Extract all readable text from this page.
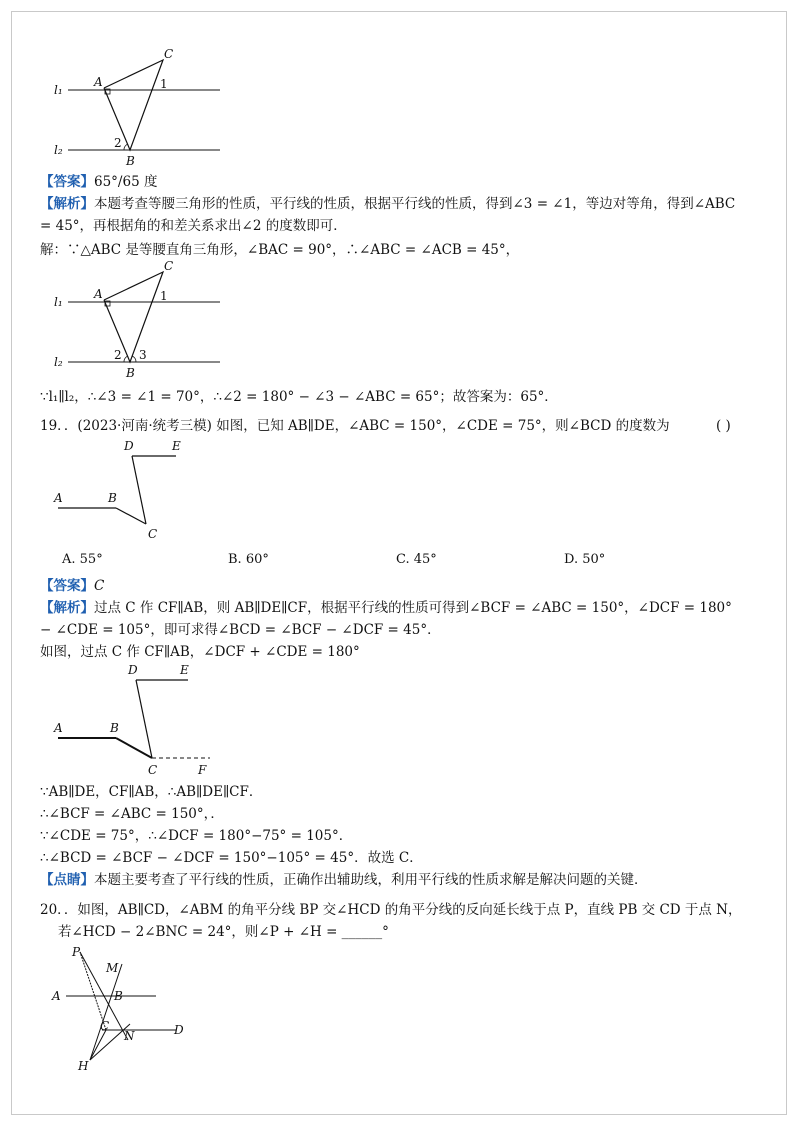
l₁
l₂
A
C
1
2
B
【答案】65°/65 度
【解析】本题考查等腰三角形的性质，平行线的性质，根据平行线的性质，得到∠3 = ∠1，等边对等角，得到∠ABC
= 45°，再根据角的和差关系求出∠2 的度数即可．
解：∵△ABC 是等腰直角三角形，∠BAC = 90°，∴∠ABC = ∠ACB = 45°，
l₁
l₂
A
C
1
2 3
B
∵l₁∥l₂，∴∠3 = ∠1 = 70°，∴∠2 = 180° − ∠3 − ∠ABC = 65°；故答案为：65°．
19．．(2023·河南·统考三模) 如图，已知 AB∥DE，∠ABC = 150°，∠CDE = 75°，则∠BCD 的度数为	( )
A	B
C
D	E
A. 55°	B. 60°	C. 45°	D. 50°
【答案】C
【解析】过点 C 作 CF∥AB，则 AB∥DE∥CF，根据平行线的性质可得到∠BCF = ∠ABC = 150°，∠DCF = 180°
− ∠CDE = 105°，即可求得∠BCD = ∠BCF − ∠DCF = 45°．
如图，过点 C 作 CF∥AB，∠DCF + ∠CDE = 180°
A	B
C
D	E
F
∵AB∥DE，CF∥AB，∴AB∥DE∥CF．
∴∠BCF = ∠ABC = 150°，．
∵∠CDE = 75°，∴∠DCF = 180°−75° = 105°．
∴∠BCD = ∠BCF − ∠DCF = 150°−105° = 45°．故选 C．
【点睛】本题主要考查了平行线的性质，正确作出辅助线，利用平行线的性质求解是解决问题的关键．
20．．如图，AB∥CD，∠ABM 的角平分线 BP 交∠HCD 的角平分线的反向延长线于点 P，直线 PB 交 CD 于点 N，
若∠HCD − 2∠BNC = 24°，则∠P + ∠H = ______°
P
M
A	B
C
N	D
H
